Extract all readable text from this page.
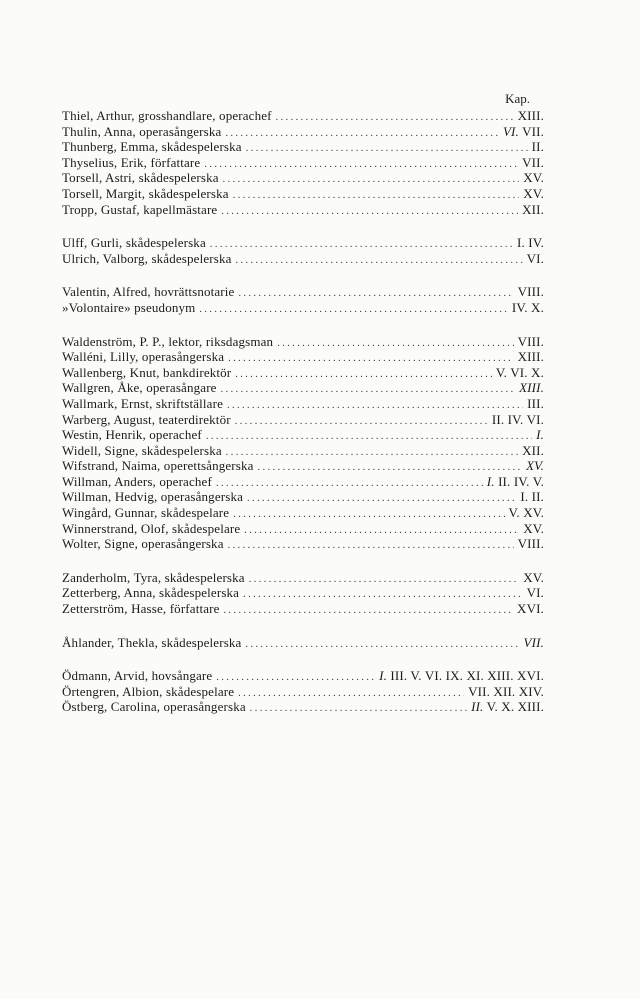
Kap.
Thiel, Arthur, grosshandlare, operachef . . .	XIII.
Thulin, Anna, operasångerska . . .	VI. VII.
Thunberg, Emma, skådespelerska . . .	II.
Thyselius, Erik, författare . . .	VII.
Torsell, Astri, skådespelerska . . .	XV.
Torsell, Margit, skådespelerska . . .	XV.
Tropp, Gustaf, kapellmästare . . .	XII.
Ulff, Gurli, skådespelerska . . .	I. IV.
Ulrich, Valborg, skådespelerska . . .	VI.
Valentin, Alfred, hovrättsnotarie . . .	VIII.
»Volontaire» pseudonym . . .	IV. X.
Waldenström, P. P., lektor, riksdagsman . . .	VIII.
Walléni, Lilly, operasångerska . . .	XIII.
Wallenberg, Knut, bankdirektör . . .	V. VI. X.
Wallgren, Åke, operasångare . . .	XIII.
Wallmark, Ernst, skriftställare . . .	III.
Warberg, August, teaterdirektör . . .	II. IV. VI.
Westin, Henrik, operachef . . .	I.
Widell, Signe, skådespelerska . . .	XII.
Wifstrand, Naima, operettsångerska . . .	XV.
Willman, Anders, operachef . . .	I. II. IV. V.
Willman, Hedvig, operasångerska . . .	I. II.
Wingård, Gunnar, skådespelare . . .	V. XV.
Winnerstrand, Olof, skådespelare . . .	XV.
Wolter, Signe, operasångerska . . .	VIII.
Zanderholm, Tyra, skådespelerska . . .	XV.
Zetterberg, Anna, skådespelerska . . .	VI.
Zetterström, Hasse, författare . . .	XVI.
Åhlander, Thekla, skådespelerska . . .	VII.
Ödmann, Arvid, hovsångare . . .	I. III. V. VI. IX. XI. XIII. XVI.
Örtengren, Albion, skådespelare . . .	VII. XII. XIV.
Östberg, Carolina, operasångerska . . .	II. V. X. XIII.
